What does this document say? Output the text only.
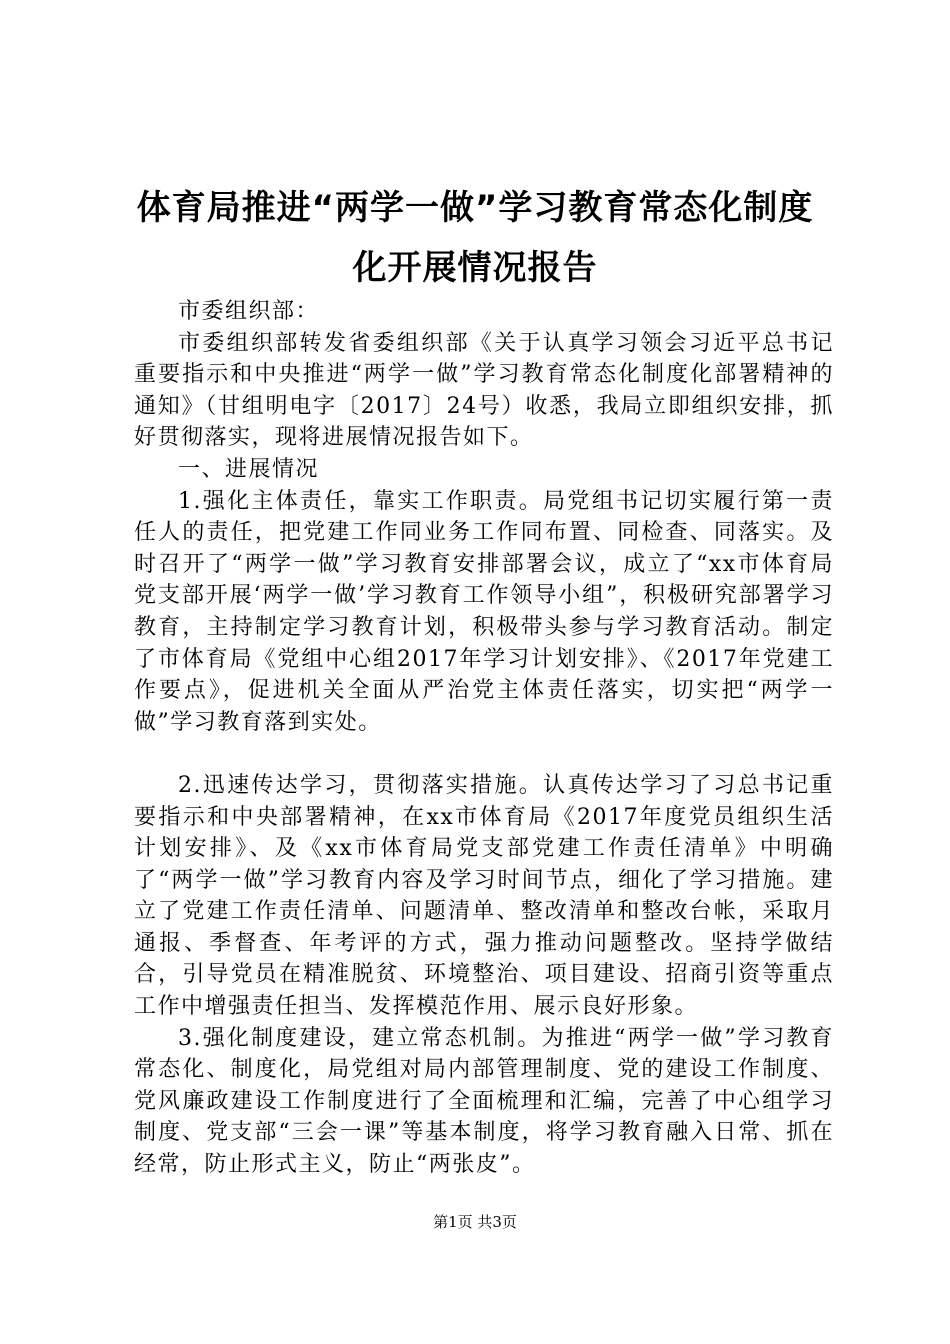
体育局推进“两学一做”学习教育常态化制度
化开展情况报告

市委组织部：

市委组织部转发省委组织部《关于认真学习领会习近平总书记重要指示和中央推进“两学一做”学习教育常态化制度化部署精神的通知》（甘组明电字〔2017〕24号）收悉，我局立即组织安排，抓好贯彻落实，现将进展情况报告如下。

一、进展情况

1.强化主体责任，靠实工作职责。局党组书记切实履行第一责任人的责任，把党建工作同业务工作同布置、同检查、同落实。及时召开了“两学一做”学习教育安排部署会议，成立了“xx市体育局党支部开展‘两学一做’学习教育工作领导小组”，积极研究部署学习教育，主持制定学习教育计划，积极带头参与学习教育活动。制定了市体育局《党组中心组2017年学习计划安排》、《2017年党建工作要点》，促进机关全面从严治党主体责任落实，切实把“两学一做”学习教育落到实处。

2.迅速传达学习，贯彻落实措施。认真传达学习了习总书记重要指示和中央部署精神，在xx市体育局《2017年度党员组织生活计划安排》、及《xx市体育局党支部党建工作责任清单》中明确了“两学一做”学习教育内容及学习时间节点，细化了学习措施。建立了党建工作责任清单、问题清单、整改清单和整改台帐，采取月通报、季督查、年考评的方式，强力推动问题整改。坚持学做结合，引导党员在精准脱贫、环境整治、项目建设、招商引资等重点工作中增强责任担当、发挥模范作用、展示良好形象。

3.强化制度建设，建立常态机制。为推进“两学一做”学习教育常态化、制度化，局党组对局内部管理制度、党的建设工作制度、党风廉政建设工作制度进行了全面梳理和汇编，完善了中心组学习制度、党支部“三会一课”等基本制度，将学习教育融入日常、抓在经常，防止形式主义，防止“两张皮”。

第1页 共3页
